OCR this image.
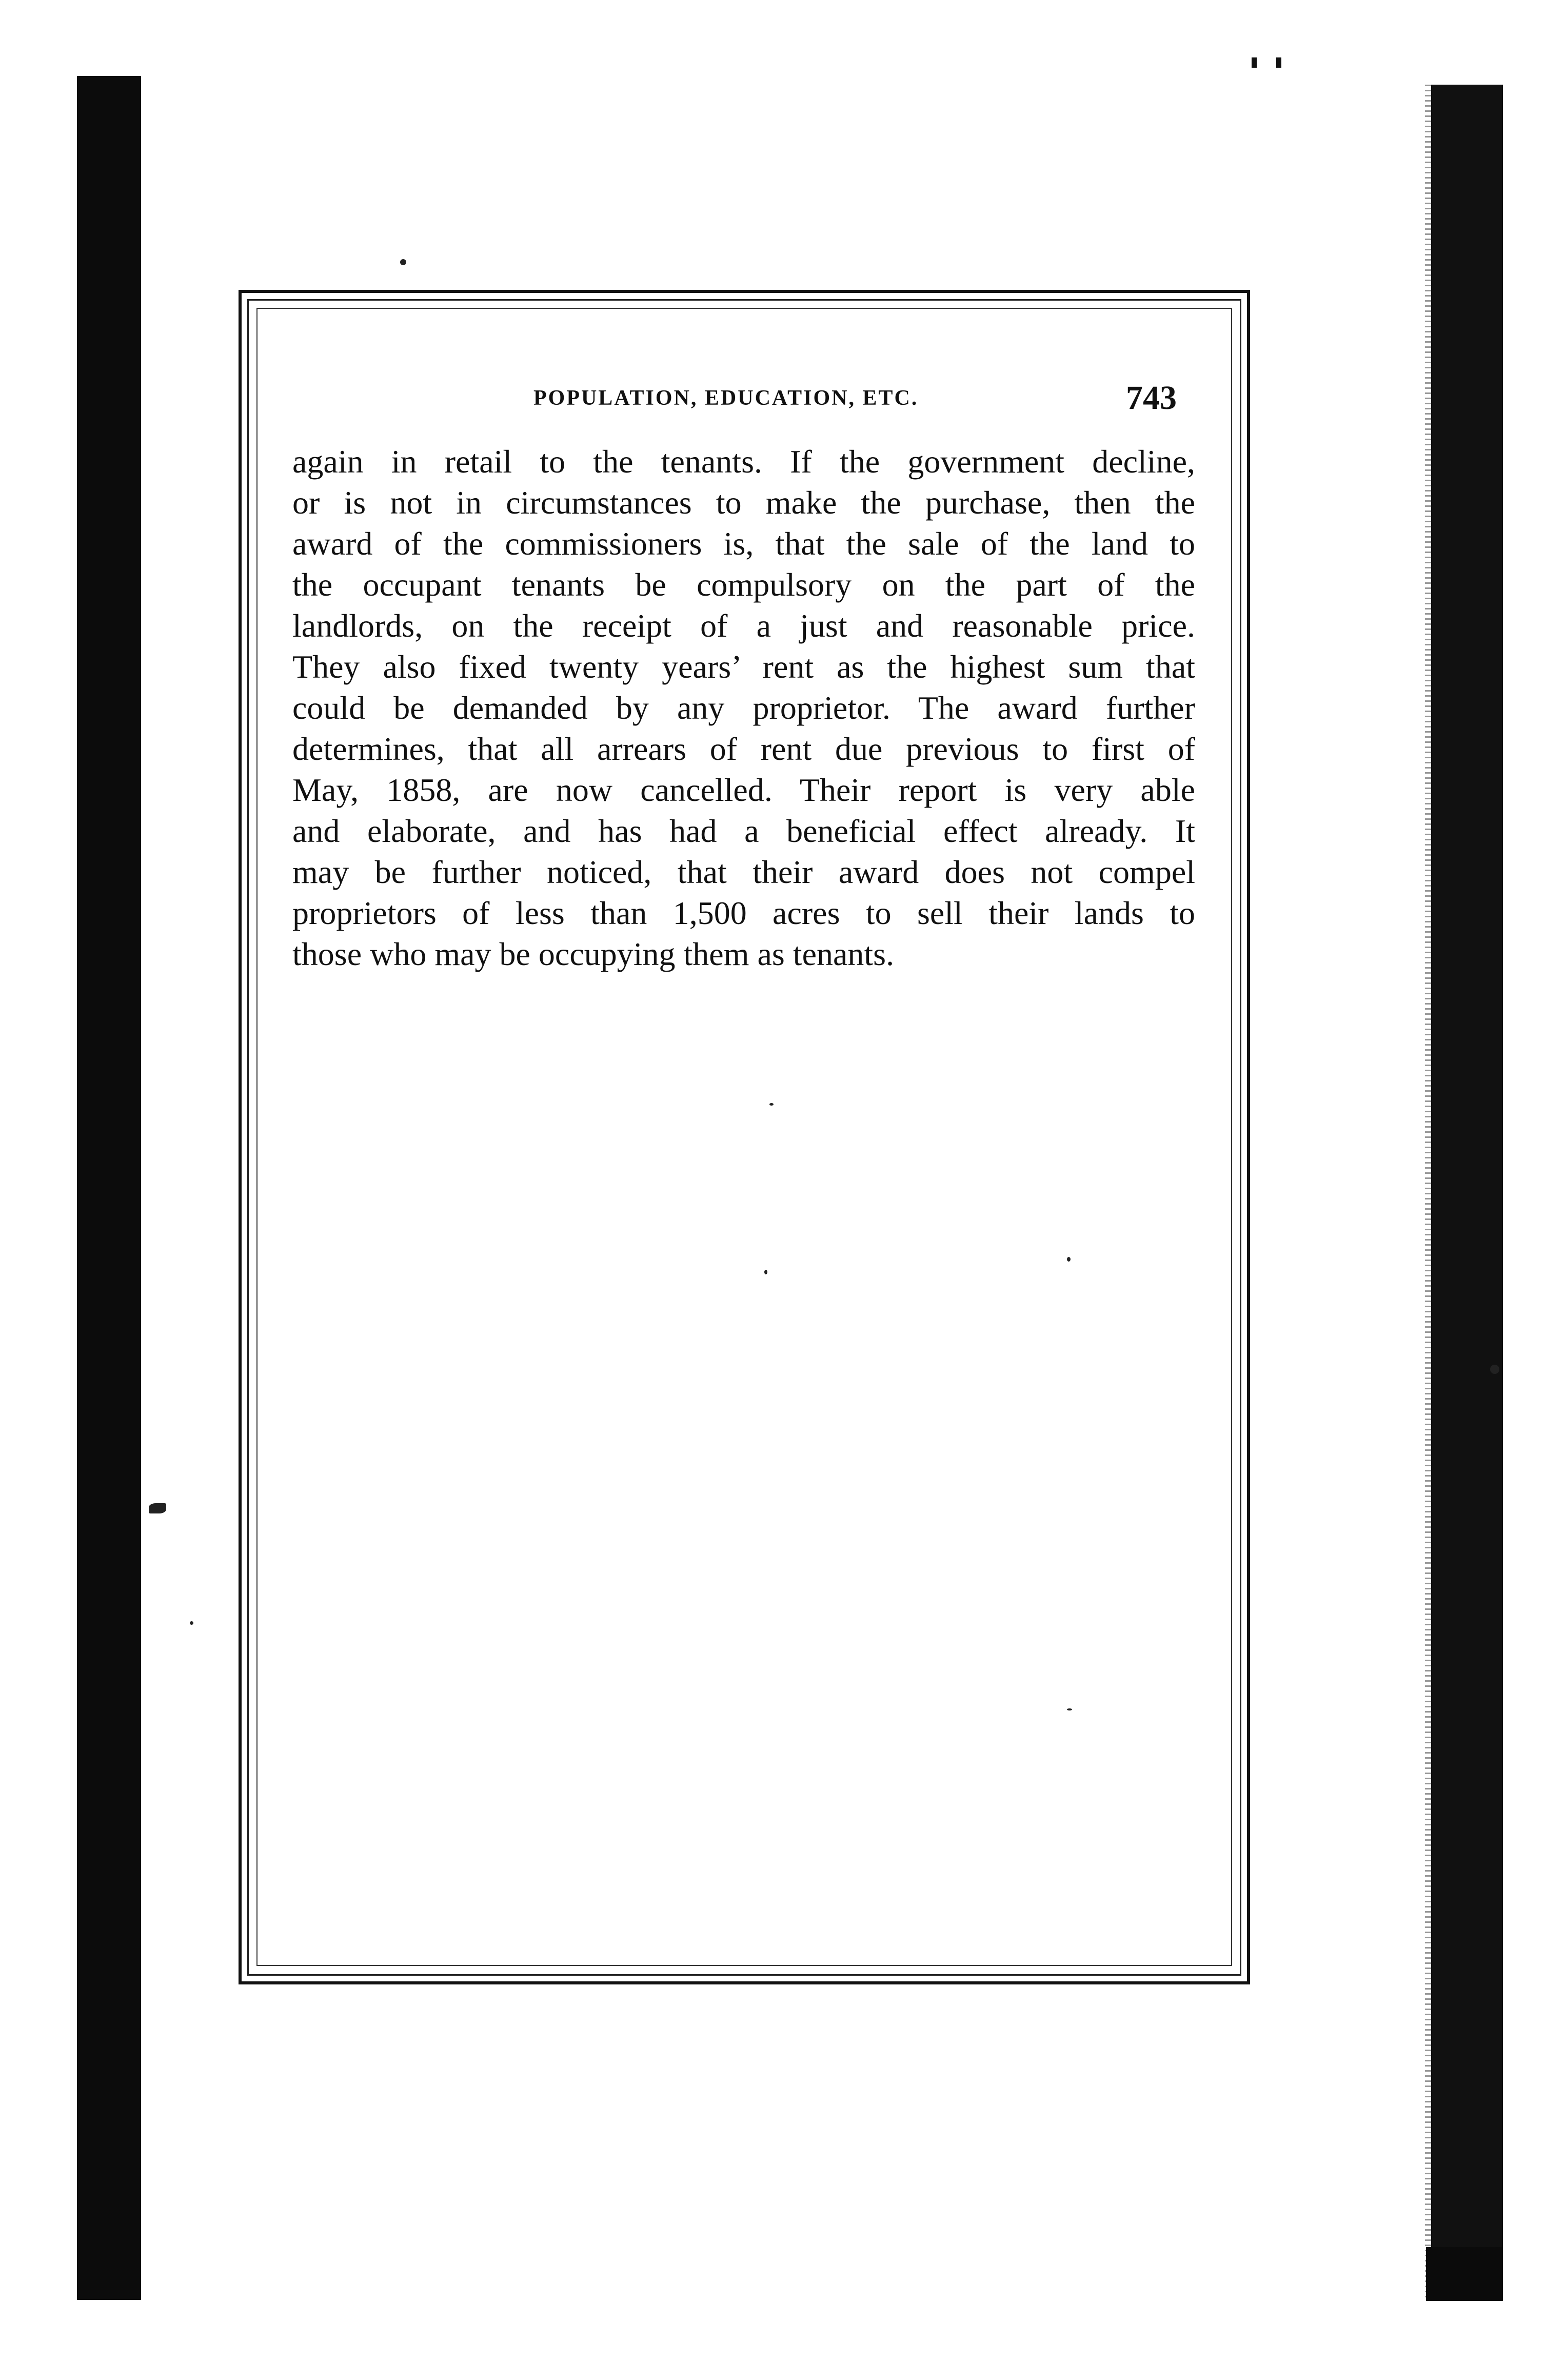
POPULATION, EDUCATION, ETC.	743
again in retail to the tenants. If the government decline,
or is not in circumstances to make the purchase, then the
award of the commissioners is, that the sale of the land to
the occupant tenants be compulsory on the part of the
landlords, on the receipt of a just and reasonable price.
They also fixed twenty years’ rent as the highest sum that
could be demanded by any proprietor. The award further
determines, that all arrears of rent due previous to first of
May, 1858, are now cancelled. Their report is very able
and elaborate, and has had a beneficial effect already. It
may be further noticed, that their award does not compel
proprietors of less than 1,500 acres to sell their lands to
those who may be occupying them as tenants.
